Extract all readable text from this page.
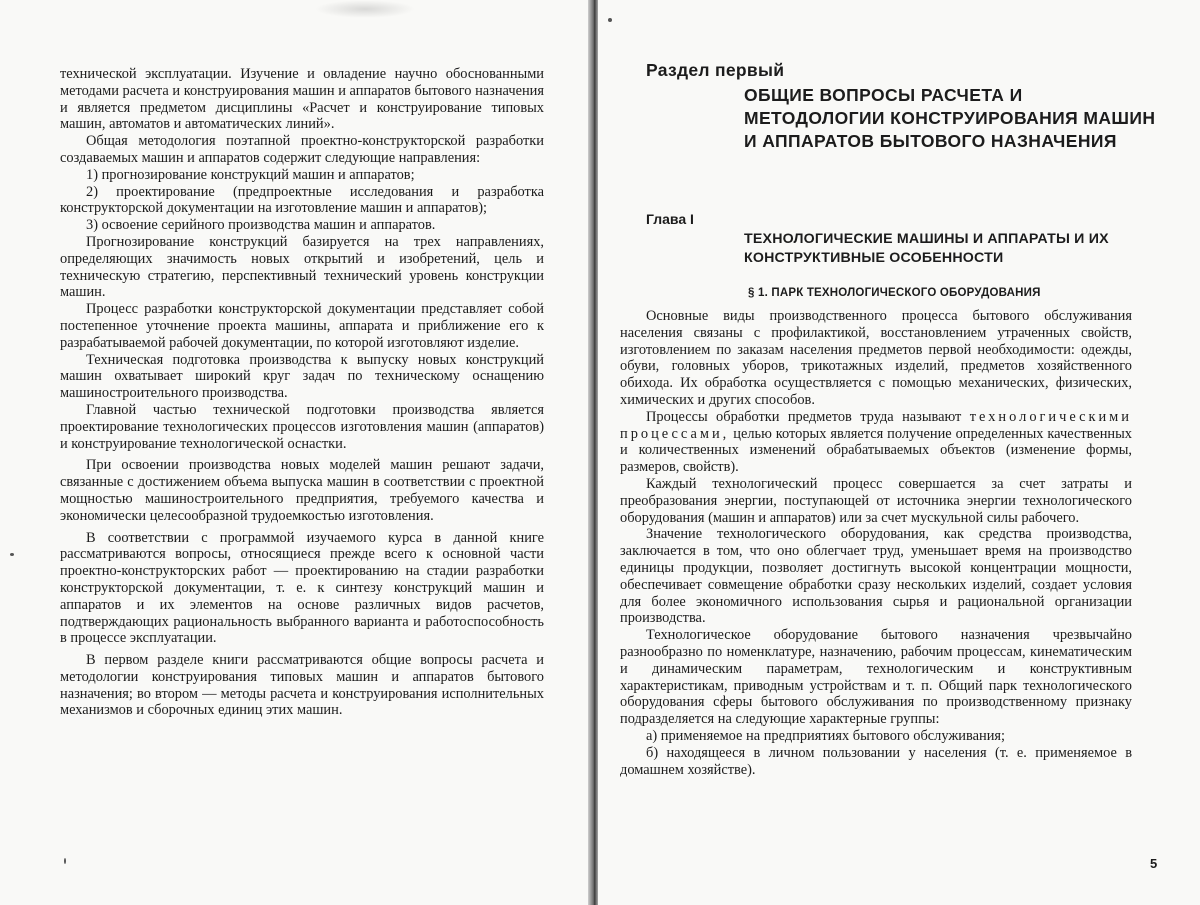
технической эксплуатации. Изучение и овладение научно обоснованными методами расчета и конструирования машин и аппаратов бытового назначения и является предметом дисциплины «Расчет и конструирование типовых машин, автоматов и автоматических линий».

Общая методология поэтапной проектно-конструкторской разработки создаваемых машин и аппаратов содержит следующие направления:

1) прогнозирование конструкций машин и аппаратов;

2) проектирование (предпроектные исследования и разработка конструкторской документации на изготовление машин и аппаратов);

3) освоение серийного производства машин и аппаратов.

Прогнозирование конструкций базируется на трех направлениях, определяющих значимость новых открытий и изобретений, цель и техническую стратегию, перспективный технический уровень конструкции машин.

Процесс разработки конструкторской документации представляет собой постепенное уточнение проекта машины, аппарата и приближение его к разрабатываемой рабочей документации, по которой изготовляют изделие.

Техническая подготовка производства к выпуску новых конструкций машин охватывает широкий круг задач по техническому оснащению машиностроительного производства.

Главной частью технической подготовки производства является проектирование технологических процессов изготовления машин (аппаратов) и конструирование технологической оснастки.

При освоении производства новых моделей машин решают задачи, связанные с достижением объема выпуска машин в соответствии с проектной мощностью машиностроительного предприятия, требуемого качества и экономически целесообразной трудоемкостью изготовления.

В соответствии с программой изучаемого курса в данной книге рассматриваются вопросы, относящиеся прежде всего к основной части проектно-конструкторских работ — проектированию на стадии разработки конструкторской документации, т. е. к синтезу конструкций машин и аппаратов и их элементов на основе различных видов расчетов, подтверждающих рациональность выбранного варианта и работоспособность в процессе эксплуатации.

В первом разделе книги рассматриваются общие вопросы расчета и методологии конструирования типовых машин и аппаратов бытового назначения; во втором — методы расчета и конструирования исполнительных механизмов и сборочных единиц этих машин.

Раздел первый
ОБЩИЕ ВОПРОСЫ РАСЧЕТА И МЕТОДОЛОГИИ КОНСТРУИРОВАНИЯ МАШИН И АППАРАТОВ БЫТОВОГО НАЗНАЧЕНИЯ
Глава I
ТЕХНОЛОГИЧЕСКИЕ МАШИНЫ И АППАРАТЫ И ИХ КОНСТРУКТИВНЫЕ ОСОБЕННОСТИ
§ 1. ПАРК ТЕХНОЛОГИЧЕСКОГО ОБОРУДОВАНИЯ

Основные виды производственного процесса бытового обслуживания населения связаны с профилактикой, восстановлением утраченных свойств, изготовлением по заказам населения предметов первой необходимости: одежды, обуви, головных уборов, трикотажных изделий, предметов хозяйственного обихода. Их обработка осуществляется с помощью механических, физических, химических и других способов.

Процессы обработки предметов труда называют технологическими процессами, целью которых является получение определенных качественных и количественных изменений обрабатываемых объектов (изменение формы, размеров, свойств).

Каждый технологический процесс совершается за счет затраты и преобразования энергии, поступающей от источника энергии технологического оборудования (машин и аппаратов) или за счет мускульной силы рабочего.

Значение технологического оборудования, как средства производства, заключается в том, что оно облегчает труд, уменьшает время на производство единицы продукции, позволяет достигнуть высокой концентрации мощности, обеспечивает совмещение обработки сразу нескольких изделий, создает условия для более экономичного использования сырья и рациональной организации производства.

Технологическое оборудование бытового назначения чрезвычайно разнообразно по номенклатуре, назначению, рабочим процессам, кинематическим и динамическим параметрам, технологическим и конструктивным характеристикам, приводным устройствам и т. п. Общий парк технологического оборудования сферы бытового обслуживания по производственному признаку подразделяется на следующие характерные группы:

а) применяемое на предприятиях бытового обслуживания;

б) находящееся в личном пользовании у населения (т. е. применяемое в домашнем хозяйстве).

5
